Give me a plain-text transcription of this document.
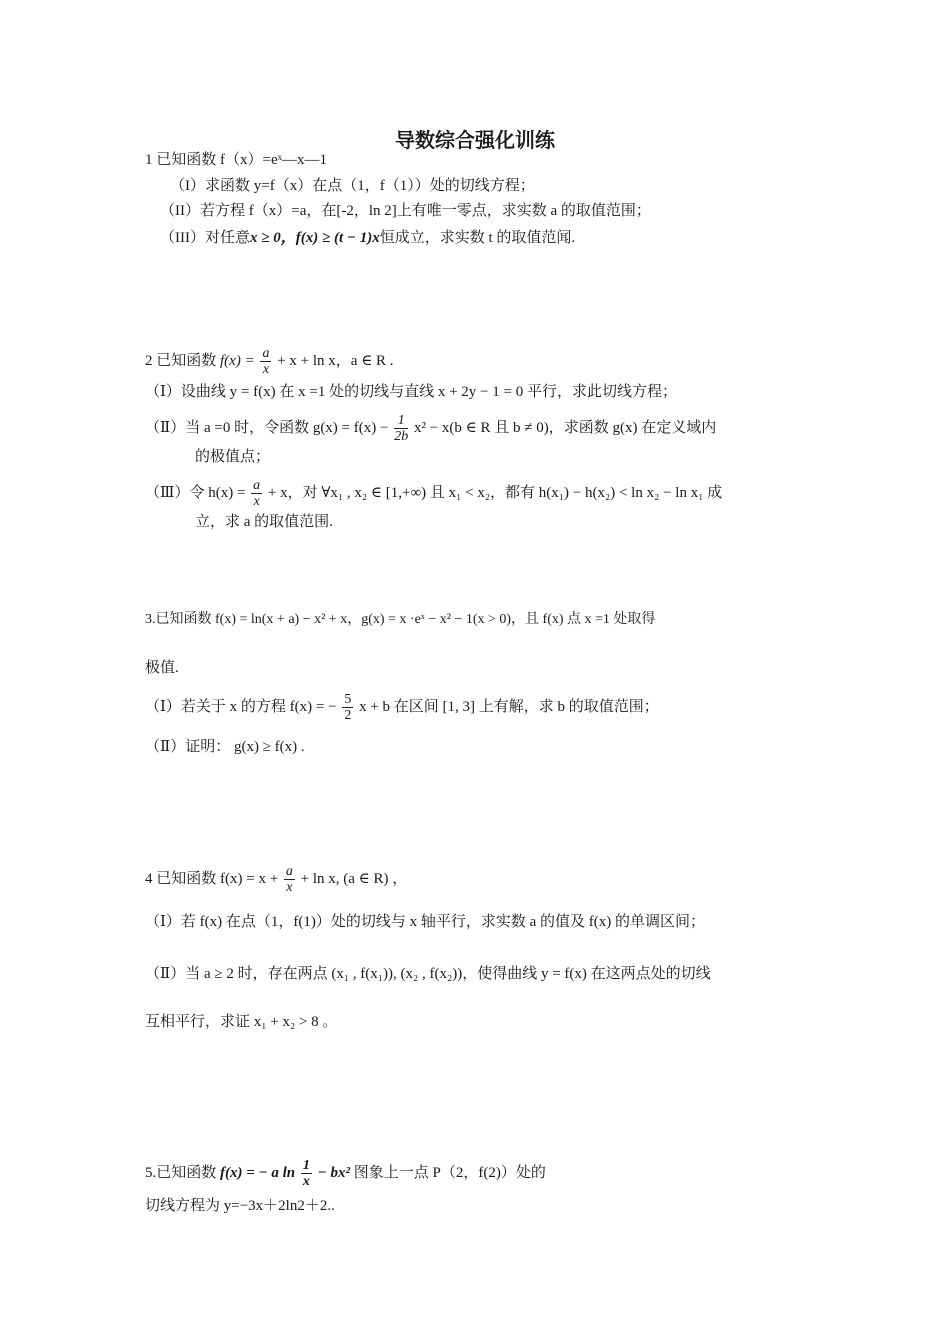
导数综合强化训练
1 已知函数 f（x）=eˣ—x—1
（I）求函数 y=f（x）在点（1，f（1））处的切线方程；
（II）若方程 f（x）=a，在[-2，ln 2]上有唯一零点，求实数 a 的取值范围；
（III）对任意x ≥ 0，f(x) ≥ (t − 1)x恒成立，求实数 t 的取值范闻.
2 已知函数 $f(x) = \frac{a}{x} + x + \ln x$，a ∈ R .
（Ⅰ）设曲线 y = f(x) 在 x =1 处的切线与直线 x + 2y − 1 = 0 平行，求此切线方程；
（Ⅱ）当 a =0 时，令函数 $g(x) = f(x) - \frac{1}{2b} x^2 - x(b$ ∈ R 且 b ≠ 0)，求函数 g(x) 在定义域内
的极值点；
（Ⅲ）令 $h(x) = \frac{a}{x} + x$，对 ∀x₁ , x₂ ∈ [1,+∞) 且 x₁ < x₂，都有 h(x₁) − h(x₂) < ln x₂ − ln x₁ 成
立，求 a 的取值范围.
3.已知函数 f(x) = ln(x + a) − x² + x，g(x) = x ·eˣ − x² − 1(x > 0)，且 f(x) 点 x =1 处取得
极值.
（Ⅰ）若关于 x 的方程 f(x) = − $\frac{5}{2}$ x + b 在区间 [1, 3] 上有解，求 b 的取值范围；
（Ⅱ）证明： g(x) ≥ f(x) .
4 已知函数 $f(x) = x + \frac{a}{x} + \ln x$, (a ∈ R) ，
（Ⅰ）若 f(x) 在点（1，f(1)）处的切线与 x 轴平行，求实数 a 的值及 f(x) 的单调区间；
（Ⅱ）当 a ≥ 2 时，存在两点 (x₁ , f(x₁)), (x₂ , f(x₂))，使得曲线 y = f(x) 在这两点处的切线
互相平行，求证 x₁ + x₂ > 8 。
5.已知函数 f(x) = − a $\ln \frac{1}{x} - bx^2$ 图象上一点 P（2，f(2)）处的
切线方程为 y=−3x＋2ln2＋2..
